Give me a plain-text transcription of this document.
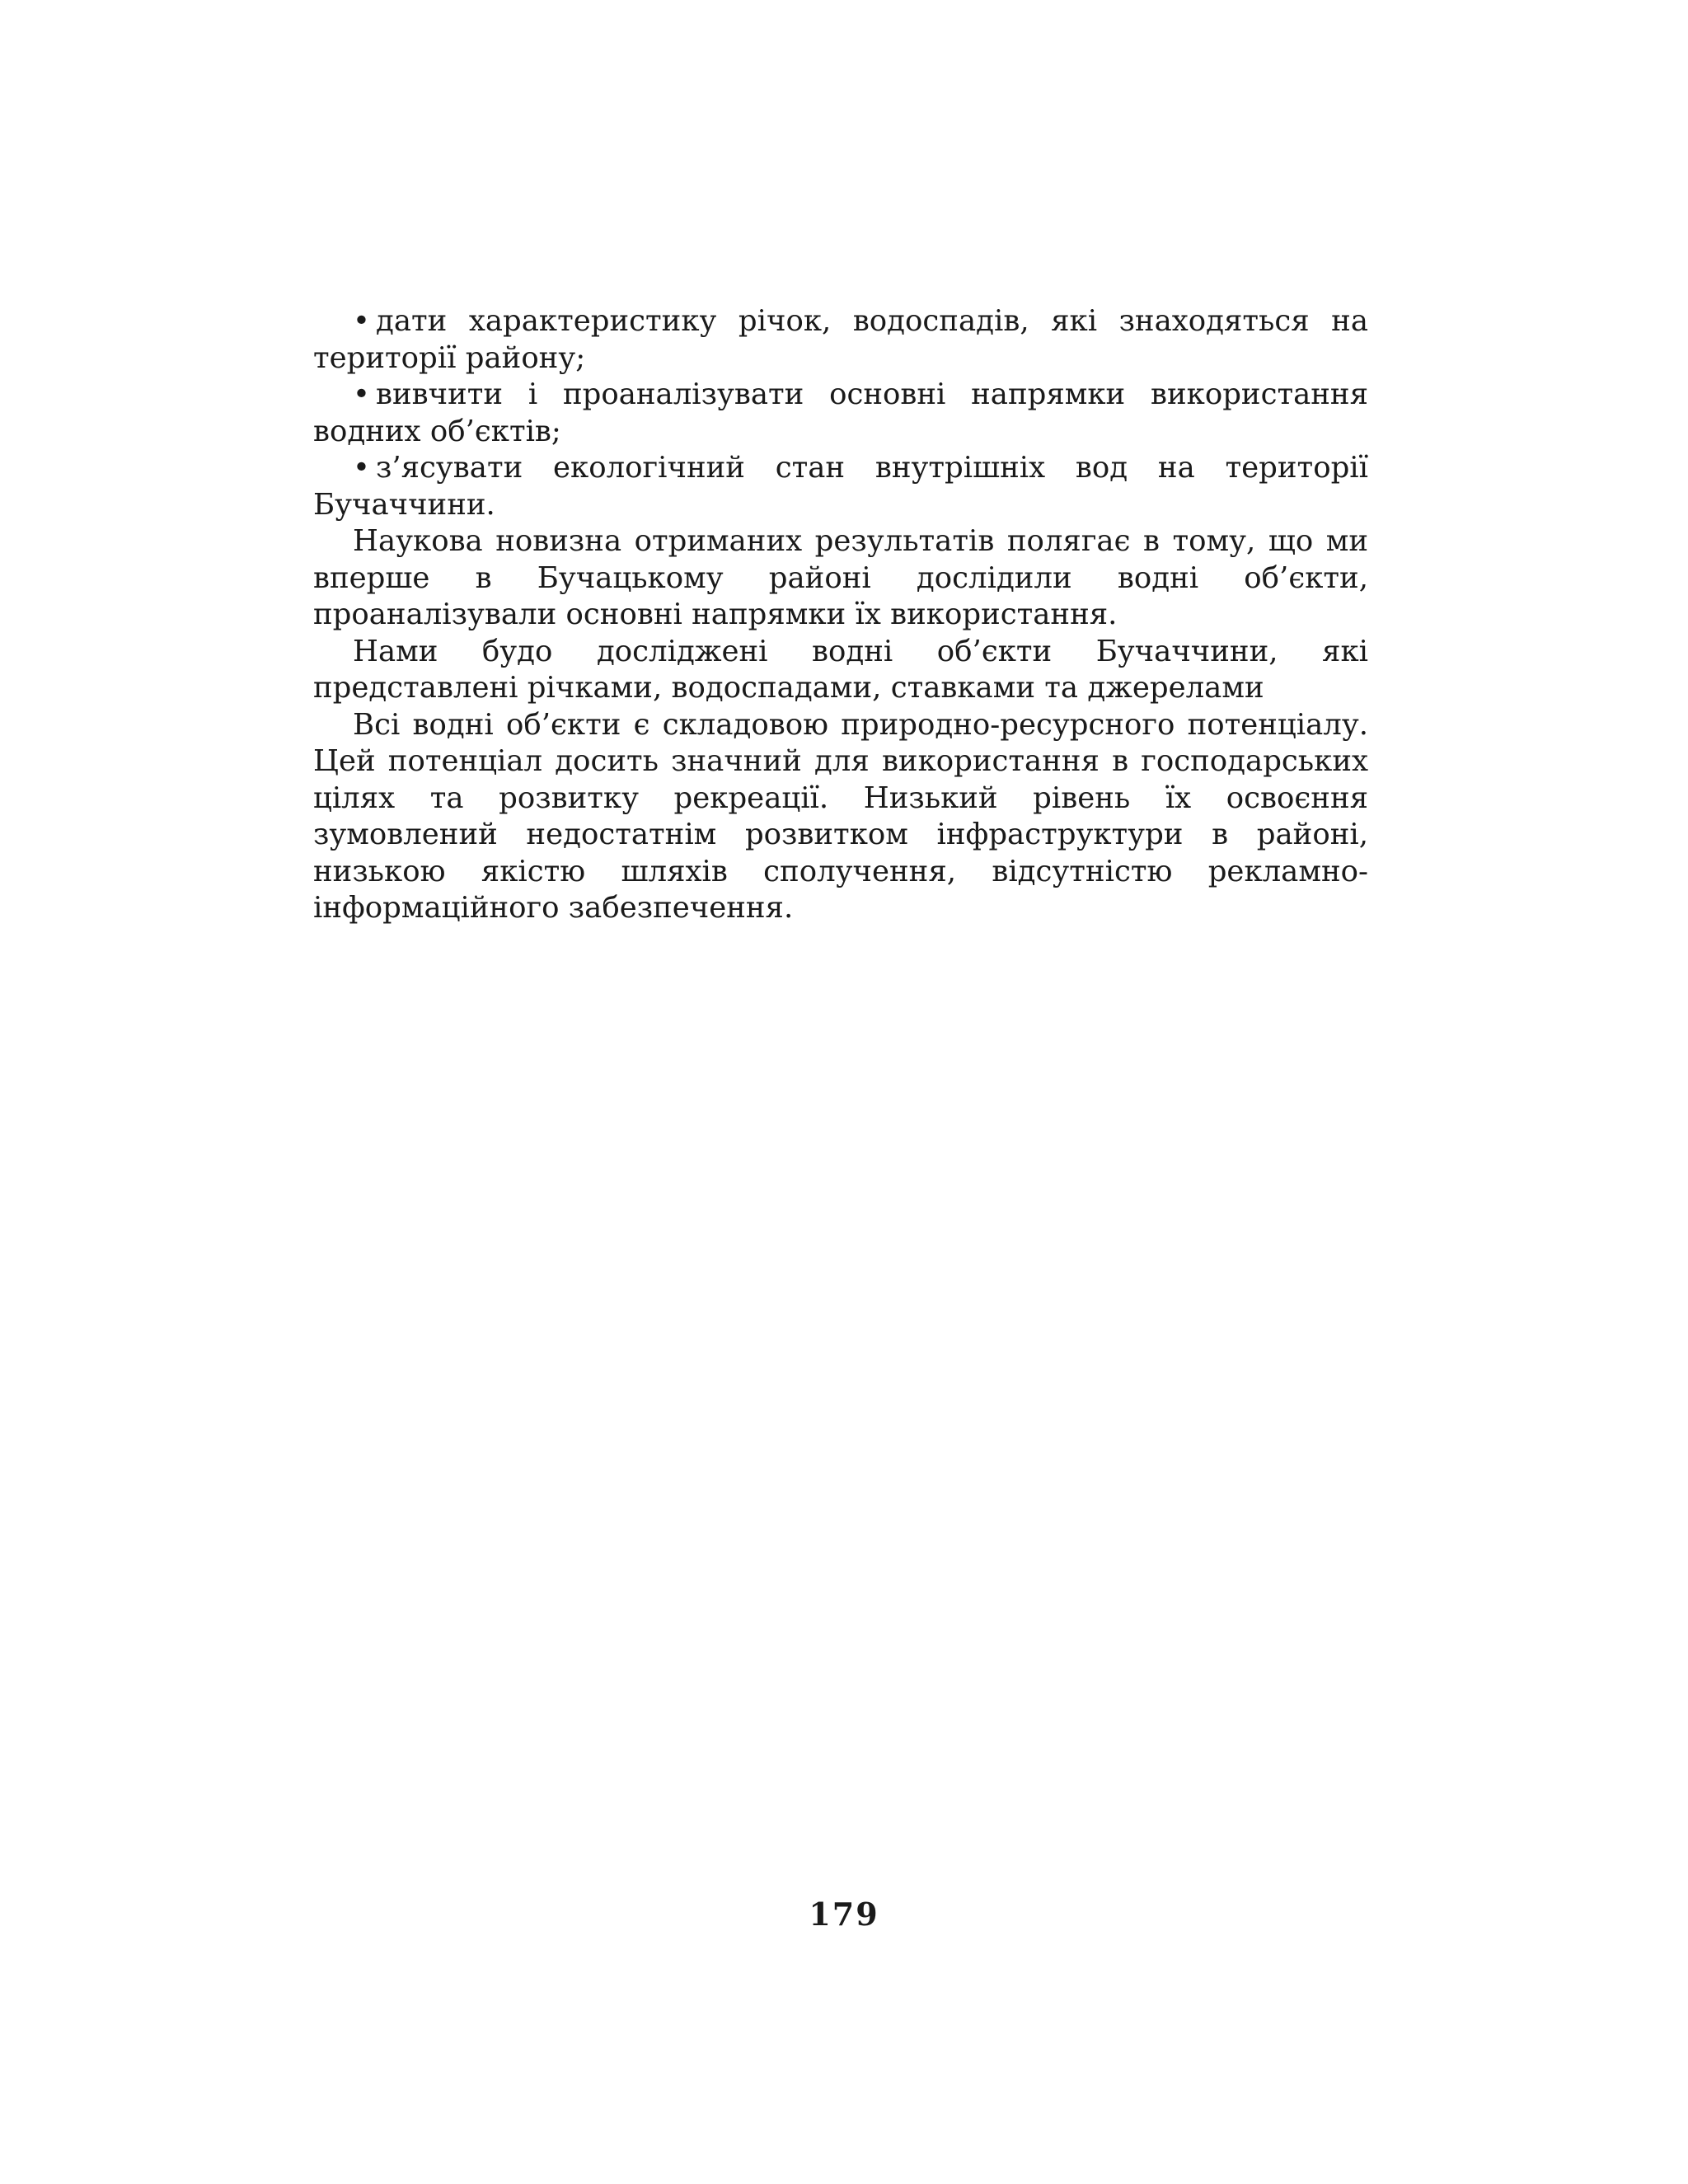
• дати характеристику річок, водоспадів, які знаходяться на території району;
• вивчити і проаналізувати основні напрямки використання водних об’єктів;
• з’ясувати екологічний стан внутрішніх вод на території Бучаччини.

Наукова новизна отриманих результатів полягає в тому, що ми вперше в Бучацькому районі дослідили водні об’єкти, проаналізували основні напрямки їх використання.

Нами будо досліджені водні об’єкти Бучаччини, які представлені річками, водоспадами, ставками та джерелами

Всі водні об’єкти є складовою природно-ресурсного потенціалу. Цей потенціал досить значний для використання в господарських цілях та розвитку рекреації. Низький рівень їх освоєння зумовлений недостатнім розвитком інфраструктури в районі, низькою якістю шляхів сполучення, відсутністю рекламно-інформаційного забезпечення.

179
